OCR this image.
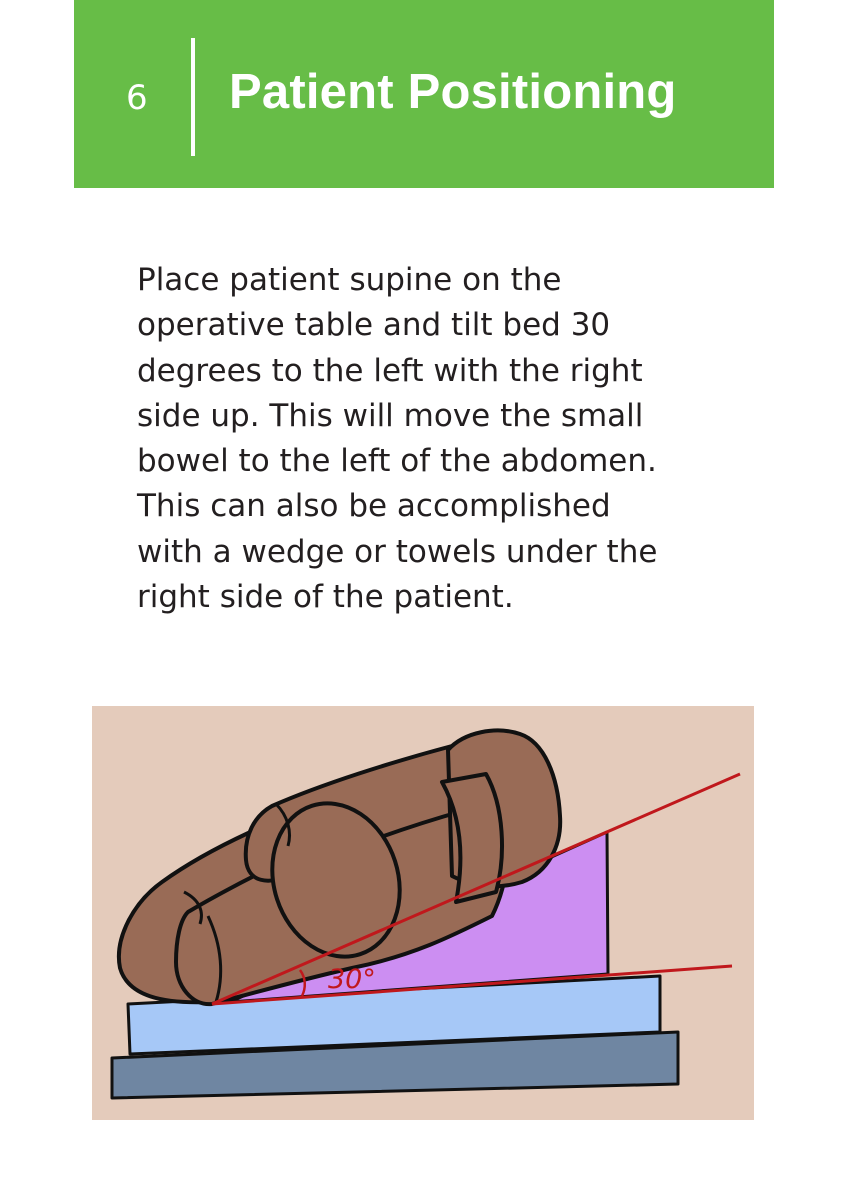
6 Patient Positioning

Place patient supine on the
operative table and tilt bed 30
degrees to the left with the right
side up. This will move the small
bowel to the left of the abdomen.
This can also be accomplished
with a wedge or towels under the
right side of the patient.

30°
